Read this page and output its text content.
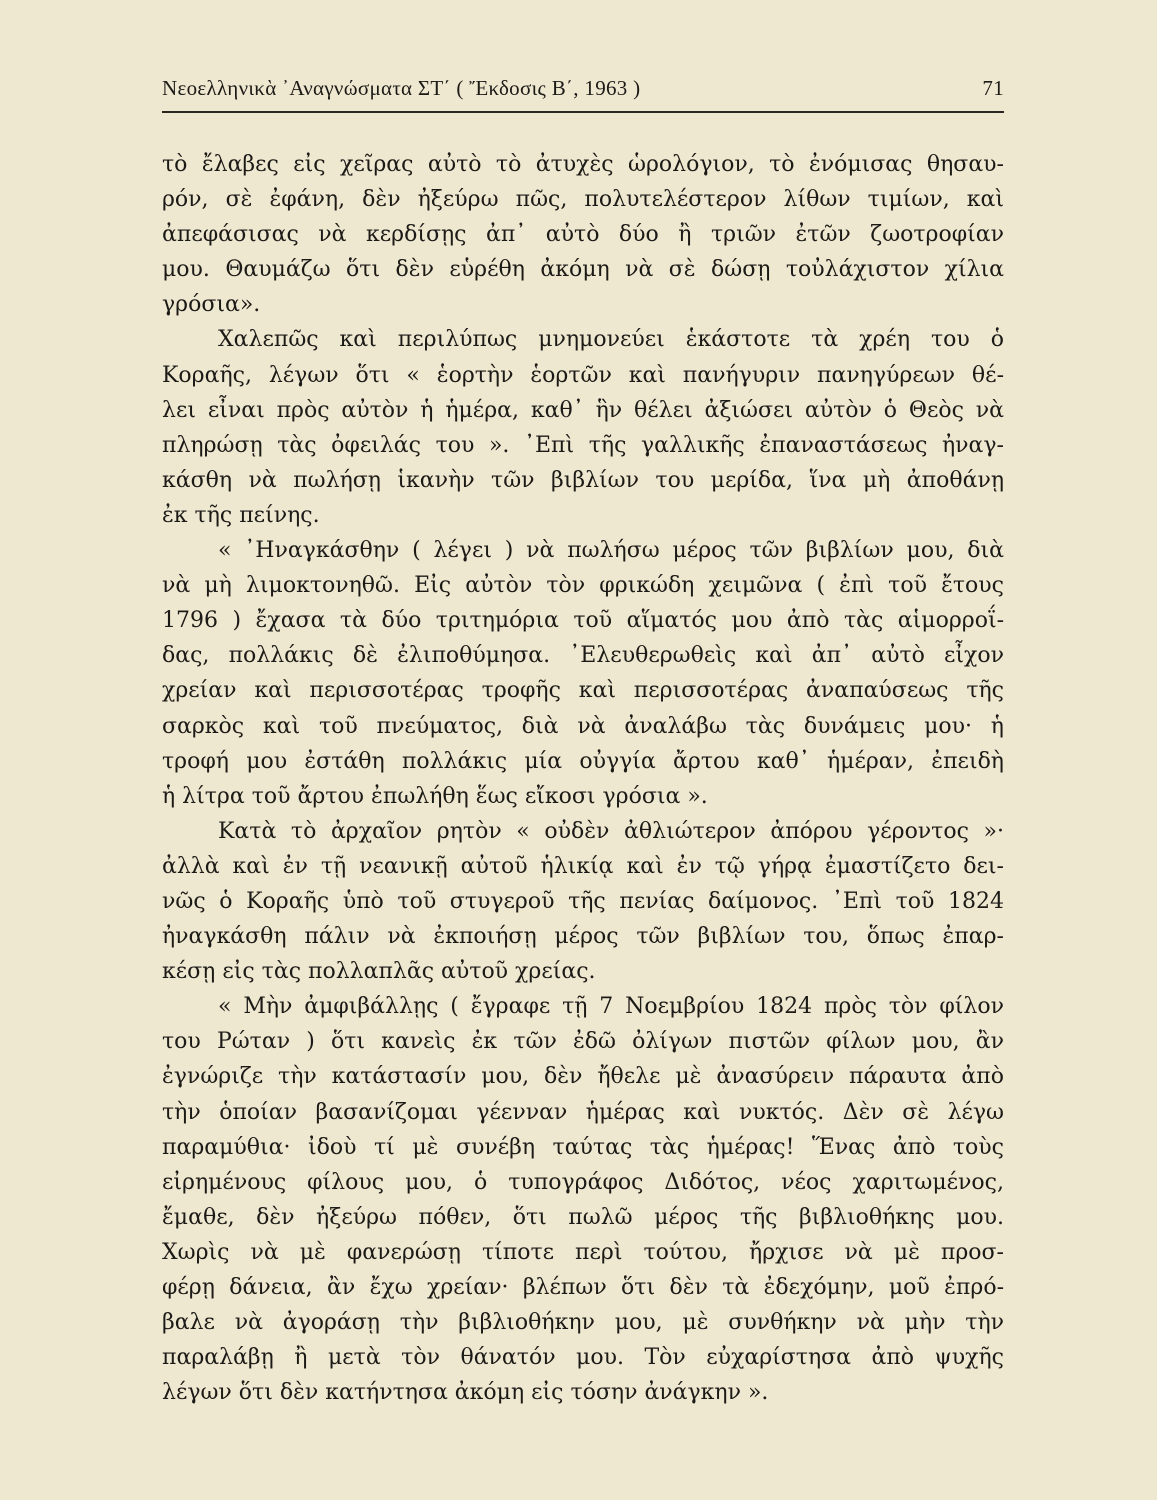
Νεοελληνικὰ ᾿Αναγνώσματα ΣΤ΄ ( Ἔκδοσις Β΄, 1963 )	71

τὸ ἔλαβες εἰς χεῖρας αὐτὸ τὸ ἀτυχὲς ὡρολόγιον, τὸ ἐνόμισας θησαυ-
ρόν, σὲ ἐφάνη, δὲν ἠξεύρω πῶς, πολυτελέστερον λίθων τιμίων, καὶ
ἀπεφάσισας νὰ κερδίσῃς ἀπ᾿ αὐτὸ δύο ἢ τριῶν ἐτῶν ζωοτροφίαν
μου. Θαυμάζω ὅτι δὲν εὑρέθη ἀκόμη νὰ σὲ δώσῃ τοὐλάχιστον χίλια
γρόσια».

Χαλεπῶς καὶ περιλύπως μνημονεύει ἑκάστοτε τὰ χρέη του ὁ
Κοραῆς, λέγων ὅτι « ἑορτὴν ἑορτῶν καὶ πανήγυριν πανηγύρεων θέ-
λει εἶναι πρὸς αὐτὸν ἡ ἡμέρα, καθ᾿ ἣν θέλει ἀξιώσει αὐτὸν ὁ Θεὸς νὰ
πληρώσῃ τὰς ὀφειλάς του ». ᾿Επὶ τῆς γαλλικῆς ἐπαναστάσεως ἠναγ-
κάσθη νὰ πωλήσῃ ἱκανὴν τῶν βιβλίων του μερίδα, ἵνα μὴ ἀποθάνῃ
ἐκ τῆς πείνης.

« ᾿Ηναγκάσθην ( λέγει ) νὰ πωλήσω μέρος τῶν βιβλίων μου, διὰ
νὰ μὴ λιμοκτονηθῶ. Εἰς αὐτὸν τὸν φρικώδη χειμῶνα ( ἐπὶ τοῦ ἔτους
1796 ) ἔχασα τὰ δύο τριτημόρια τοῦ αἵματός μου ἀπὸ τὰς αἱμορροΐ-
δας, πολλάκις δὲ ἐλιποθύμησα. ᾿Ελευθερωθεὶς καὶ ἀπ᾿ αὐτὸ εἶχον
χρείαν καὶ περισσοτέρας τροφῆς καὶ περισσοτέρας ἀναπαύσεως τῆς
σαρκὸς καὶ τοῦ πνεύματος, διὰ νὰ ἀναλάβω τὰς δυνάμεις μου· ἡ
τροφή μου ἐστάθη πολλάκις μία οὐγγία ἄρτου καθ᾿ ἡμέραν, ἐπειδὴ
ἡ λίτρα τοῦ ἄρτου ἐπωλήθη ἕως εἴκοσι γρόσια ».

Κατὰ τὸ ἀρχαῖον ρητὸν « οὐδὲν ἀθλιώτερον ἀπόρου γέροντος »·
ἀλλὰ καὶ ἐν τῇ νεανικῇ αὐτοῦ ἡλικίᾳ καὶ ἐν τῷ γήρᾳ ἐμαστίζετο δει-
νῶς ὁ Κοραῆς ὑπὸ τοῦ στυγεροῦ τῆς πενίας δαίμονος. ᾿Επὶ τοῦ 1824
ἠναγκάσθη πάλιν νὰ ἐκποιήσῃ μέρος τῶν βιβλίων του, ὅπως ἐπαρ-
κέσῃ εἰς τὰς πολλαπλᾶς αὐτοῦ χρείας.

« Μὴν ἀμφιβάλλῃς ( ἔγραφε τῇ 7 Νοεμβρίου 1824 πρὸς τὸν φίλον
του Ρώταν ) ὅτι κανεὶς ἐκ τῶν ἐδῶ ὀλίγων πιστῶν φίλων μου, ἂν
ἐγνώριζε τὴν κατάστασίν μου, δὲν ἤθελε μὲ ἀνασύρειν πάραυτα ἀπὸ
τὴν ὁποίαν βασανίζομαι γέενναν ἡμέρας καὶ νυκτός. Δὲν σὲ λέγω
παραμύθια· ἰδοὺ τί μὲ συνέβη ταύτας τὰς ἡμέρας! Ἕνας ἀπὸ τοὺς
εἰρημένους φίλους μου, ὁ τυπογράφος Διδότος, νέος χαριτωμένος,
ἔμαθε, δὲν ἠξεύρω πόθεν, ὅτι πωλῶ μέρος τῆς βιβλιοθήκης μου.
Χωρὶς νὰ μὲ φανερώσῃ τίποτε περὶ τούτου, ἤρχισε νὰ μὲ προσ-
φέρῃ δάνεια, ἂν ἔχω χρείαν· βλέπων ὅτι δὲν τὰ ἐδεχόμην, μοῦ ἐπρό-
βαλε νὰ ἀγοράσῃ τὴν βιβλιοθήκην μου, μὲ συνθήκην νὰ μὴν τὴν
παραλάβῃ ἢ μετὰ τὸν θάνατόν μου. Τὸν εὐχαρίστησα ἀπὸ ψυχῆς
λέγων ὅτι δὲν κατήντησα ἀκόμη εἰς τόσην ἀνάγκην ».
